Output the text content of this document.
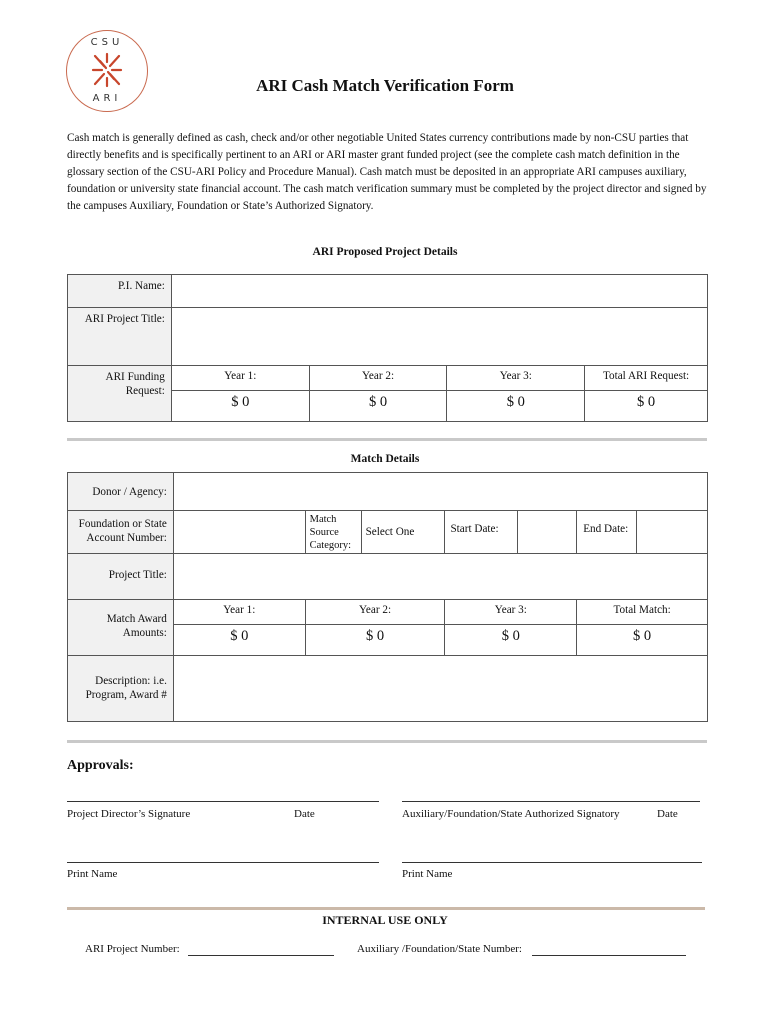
CSU
ARI
ARI Cash Match Verification Form
Cash match is generally defined as cash, check and/or other negotiable United States currency contributions made by non-CSU parties that directly benefits and is specifically pertinent to an ARI or ARI master grant funded project (see the complete cash match definition in the glossary section of the CSU-ARI Policy and Procedure Manual). Cash match must be deposited in an appropriate ARI campuses auxiliary, foundation or university state financial account. The cash match verification summary must be completed by the project director and signed by the campuses Auxiliary, Foundation or State’s Authorized Signatory.
ARI Proposed Project Details
P.I. Name:				
ARI Project Title:				
ARI Funding Request:	Year 1:	Year 2:	Year 3:	Total ARI Request:
	$ 0	$ 0	$ 0	$ 0
Match Details
Donor / Agency:							
Foundation or State Account Number:		Match Source Category:	Select One	Start Date:		End Date:	
Project Title:							
Match Award Amounts:	Year 1:	Year 2:		Year 3:		Total Match:	
	$ 0	$ 0		$ 0		$ 0	
Description: i.e. Program, Award #							
Approvals:
Project Director’s Signature	Date	Auxiliary/Foundation/State Authorized Signatory	Date
Print Name	Print Name
INTERNAL USE ONLY
ARI Project Number:	Auxiliary /Foundation/State Number:
